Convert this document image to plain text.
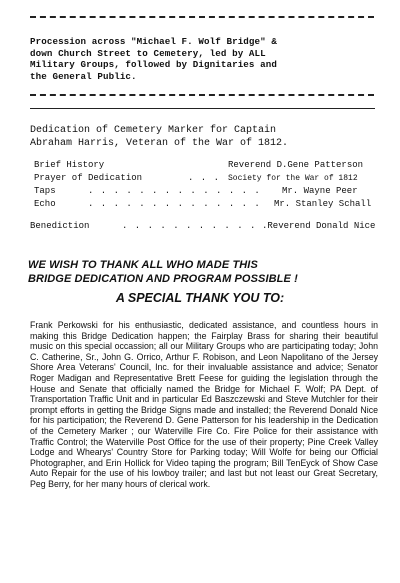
Procession across "Michael F. Wolf Bridge" &
down Church Street to Cemetery, led by ALL
Military Groups, followed by Dignitaries and
the General Public.
Dedication of Cemetery Marker for Captain
Abraham Harris, Veteran of the War of 1812.
Brief History	Reverend D.Gene Patterson
Prayer of Dedication	. . . Society for the War of 1812
Taps	. . . . . . . . . . . . . . Mr. Wayne Peer
Echo	. . . . . . . . . . . . . . Mr. Stanley Schall
Benediction	. . . . . . . . . . . .Reverend Donald Nice
WE WISH TO THANK ALL WHO MADE THIS
BRIDGE DEDICATION AND PROGRAM POSSIBLE !
A SPECIAL THANK YOU TO:
Frank Perkowski for his enthusiastic, dedicated assistance, and countless hours in making this Bridge Dedication happen; the Fairplay Brass for sharing their beautiful music on this special occassion; all our Military Groups who are participating today; John C. Catherine, Sr., John G. Orrico, Arthur F. Robison, and Leon Napolitano of the Jersey Shore Area Veterans' Council, Inc. for their invaluable assistance and advice; Senator Roger Madigan and Representative Brett Feese for guiding the legislation through the House and Senate that officially named the Bridge for Michael F. Wolf; PA Dept. of Transportation Traffic Unit and in particular Ed Baszczewski and Steve Mutchler for their prompt efforts in getting the Bridge Signs made and installed; the Reverend Donald Nice for his participation; the Reverend D. Gene Patterson for his leadership in the Dedication of the Cemetery Marker ; our Waterville Fire Co. Fire Police for their assistance with Traffic Control; the Waterville Post Office for the use of their property; Pine Creek Valley Lodge and Whearys' Country Store for Parking today; Will Wolfe for being our Official Photographer, and Erin Hollick for Video taping the program; Bill TenEyck of Show Case Auto Repair for the use of his lowboy trailer; and last but not least our Great Secretary, Peg Berry, for her many hours of clerical work.
